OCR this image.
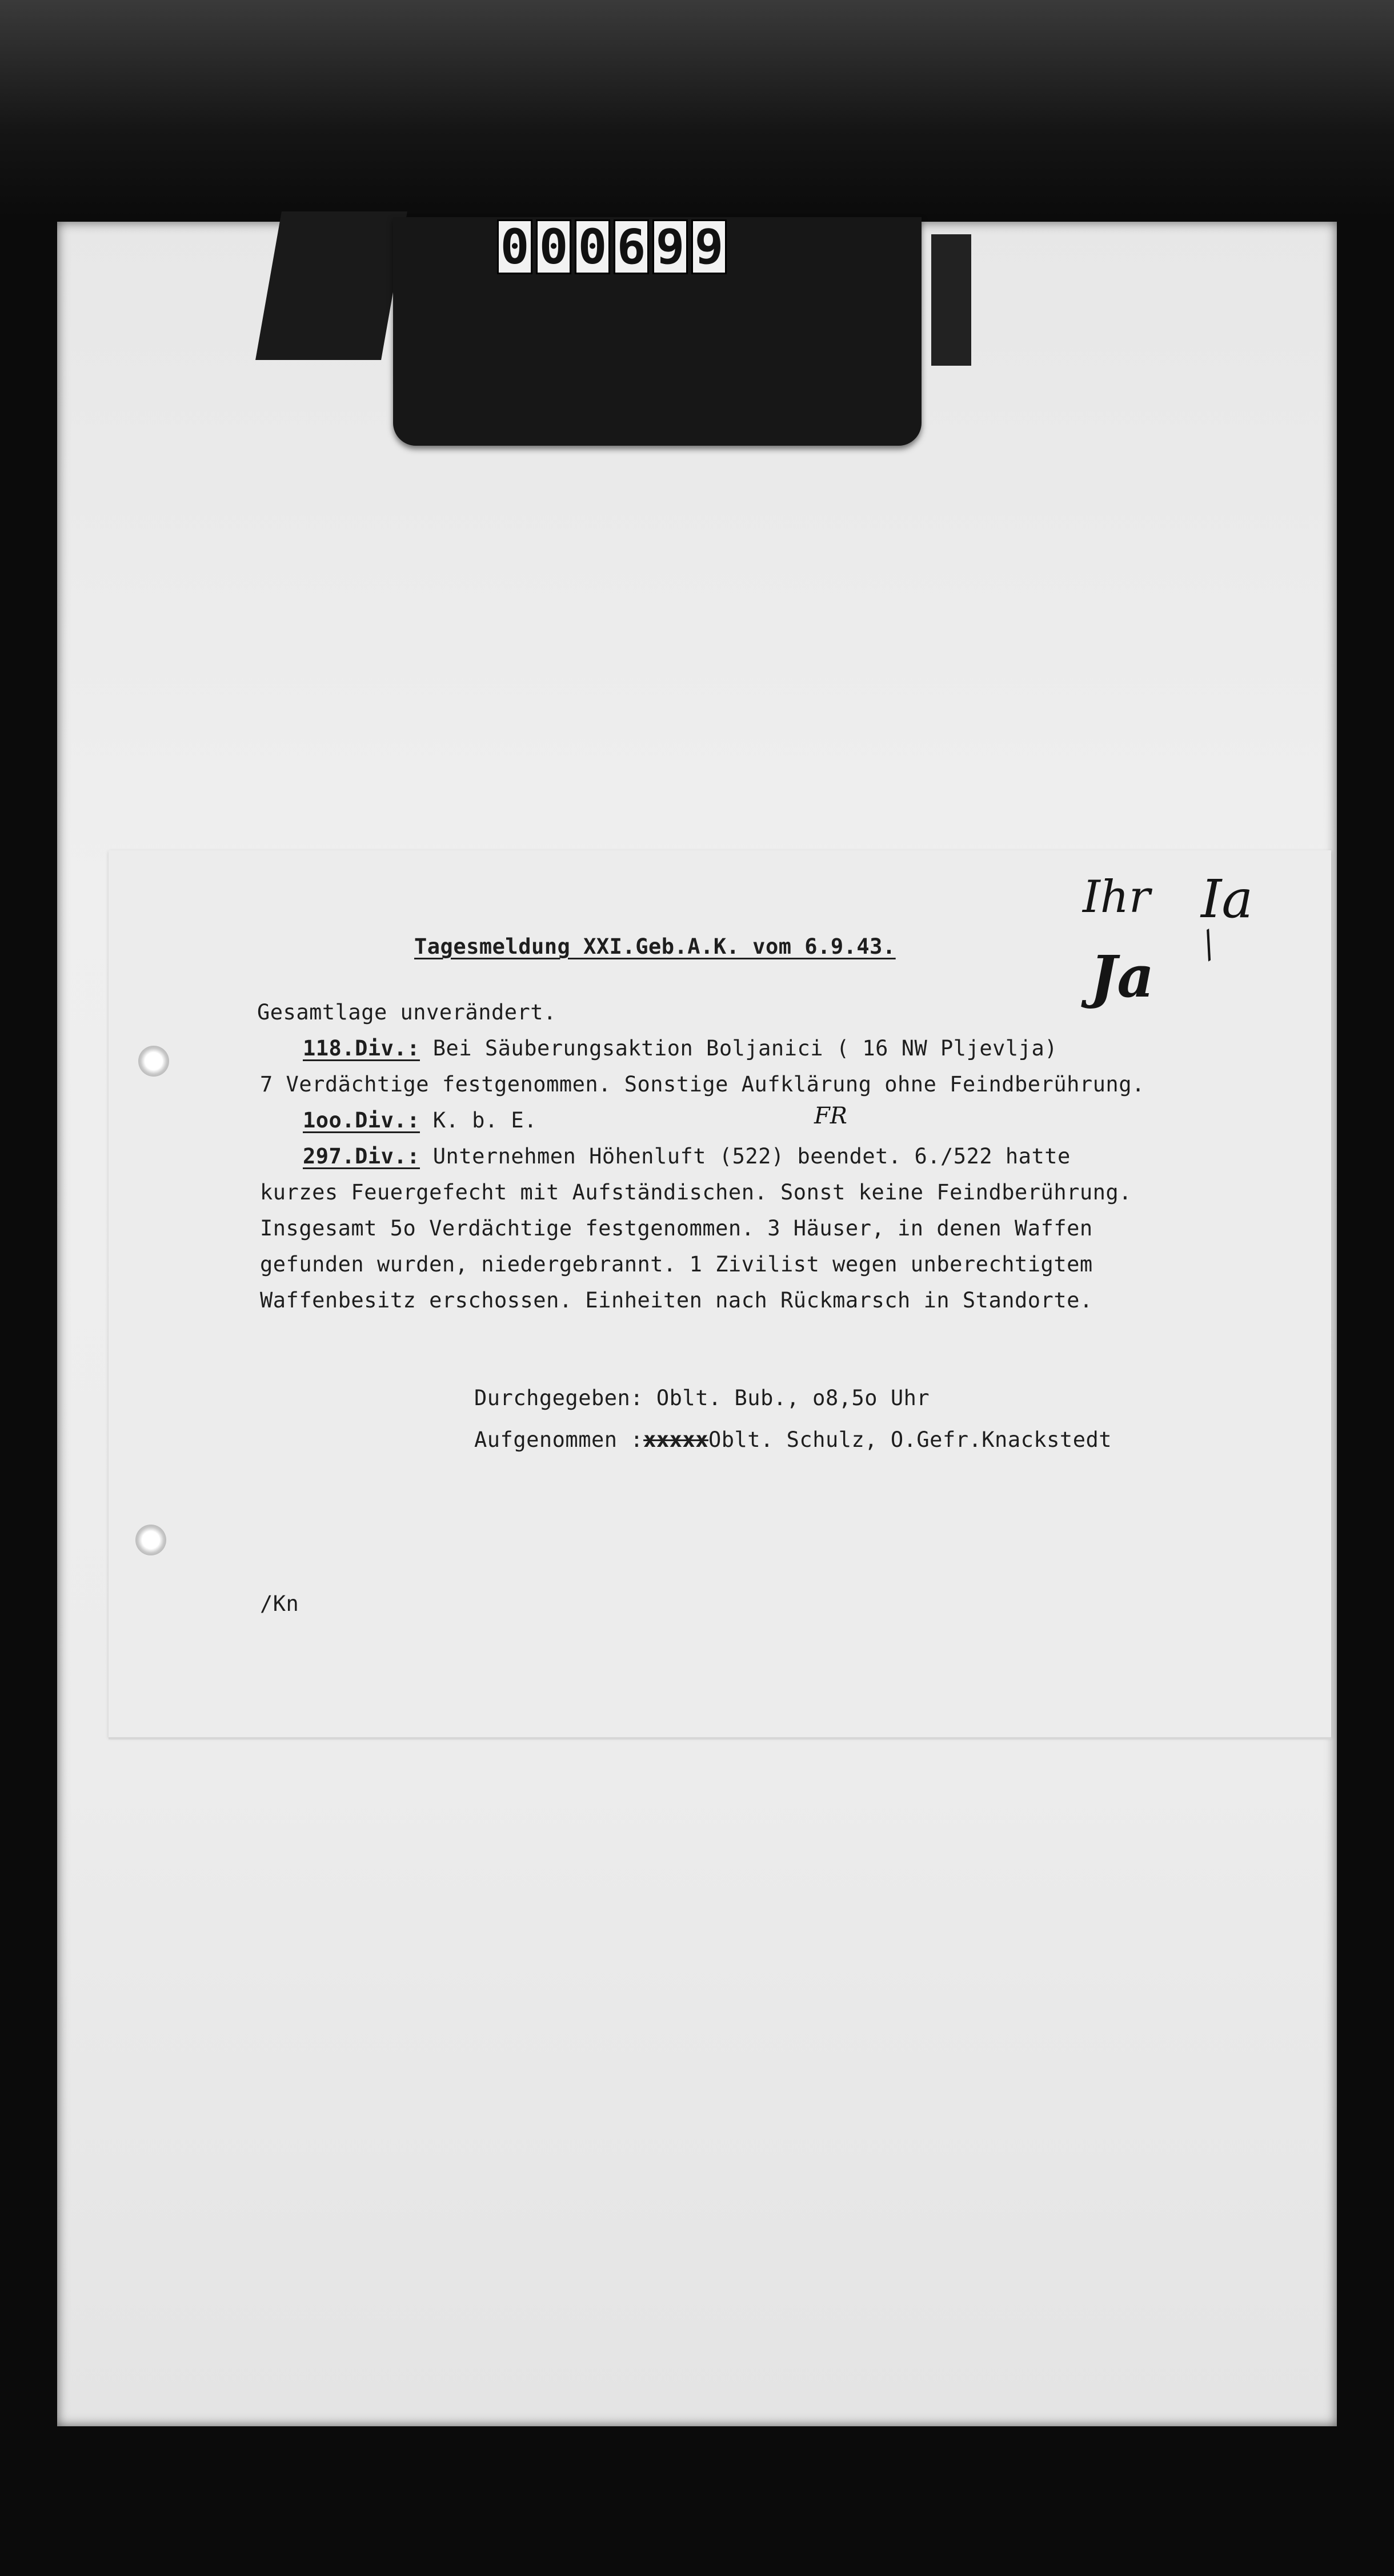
0 0 0 6 9 9
Ihr Ia
/
Ja
Tagesmeldung XXI.Geb.A.K. vom 6.9.43.
Gesamtlage unverändert.
118.Div.: Bei Säuberungsaktion Boljanici ( 16 NW Pljevlja)
7 Verdächtige festgenommen. Sonstige Aufklärung ohne Feindberührung.
1oo.Div.: K. b. E.	FR
297.Div.: Unternehmen Höhenluft (522) beendet. 6./522 hatte
kurzes Feuergefecht mit Aufständischen. Sonst keine Feindberührung.
Insgesamt 5o Verdächtige festgenommen. 3 Häuser, in denen Waffen
gefunden wurden, niedergebrannt. 1 Zivilist wegen unberechtigtem
Waffenbesitz erschossen. Einheiten nach Rückmarsch in Standorte.
Durchgegeben: Oblt. Bub., o8,5o Uhr
Aufgenommen :xxxxxOblt. Schulz, O.Gefr.Knackstedt
/Kn
